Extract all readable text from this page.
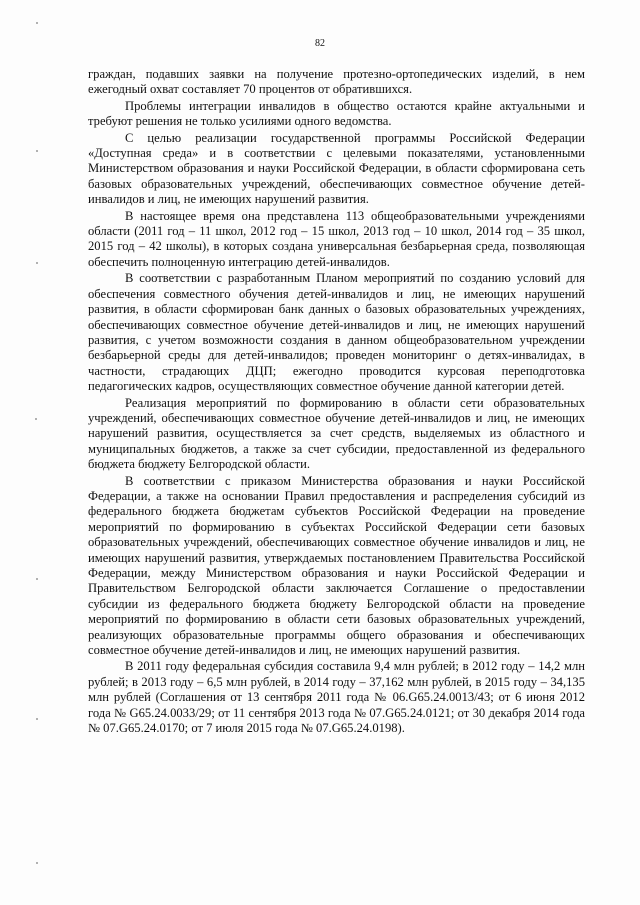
82

граждан, подавших заявки на получение протезно-ортопедических изделий, в нем ежегодный охват составляет 70 процентов от обратившихся.

Проблемы интеграции инвалидов в общество остаются крайне актуальными и требуют решения не только усилиями одного ведомства.

С целью реализации государственной программы Российской Федерации «Доступная среда» и в соответствии с целевыми показателями, установленными Министерством образования и науки Российской Федерации, в области сформирована сеть базовых образовательных учреждений, обеспечивающих совместное обучение детей-инвалидов и лиц, не имеющих нарушений развития.

В настоящее время она представлена 113 общеобразовательными учреждениями области (2011 год – 11 школ, 2012 год – 15 школ, 2013 год – 10 школ, 2014 год – 35 школ, 2015 год – 42 школы), в которых создана универсальная безбарьерная среда, позволяющая обеспечить полноценную интеграцию детей-инвалидов.

В соответствии с разработанным Планом мероприятий по созданию условий для обеспечения совместного обучения детей-инвалидов и лиц, не имеющих нарушений развития, в области сформирован банк данных о базовых образовательных учреждениях, обеспечивающих совместное обучение детей-инвалидов и лиц, не имеющих нарушений развития, с учетом возможности создания в данном общеобразовательном учреждении безбарьерной среды для детей-инвалидов; проведен мониторинг о детях-инвалидах, в частности, страдающих ДЦП; ежегодно проводится курсовая переподготовка педагогических кадров, осуществляющих совместное обучение данной категории детей.

Реализация мероприятий по формированию в области сети образовательных учреждений, обеспечивающих совместное обучение детей-инвалидов и лиц, не имеющих нарушений развития, осуществляется за счет средств, выделяемых из областного и муниципальных бюджетов, а также за счет субсидии, предоставленной из федерального бюджета бюджету Белгородской области.

В соответствии с приказом Министерства образования и науки Российской Федерации, а также на основании Правил предоставления и распределения субсидий из федерального бюджета бюджетам субъектов Российской Федерации на проведение мероприятий по формированию в субъектах Российской Федерации сети базовых образовательных учреждений, обеспечивающих совместное обучение инвалидов и лиц, не имеющих нарушений развития, утверждаемых постановлением Правительства Российской Федерации, между Министерством образования и науки Российской Федерации и Правительством Белгородской области заключается Соглашение о предоставлении субсидии из федерального бюджета бюджету Белгородской области на проведение мероприятий по формированию в области сети базовых образовательных учреждений, реализующих образовательные программы общего образования и обеспечивающих совместное обучение детей-инвалидов и лиц, не имеющих нарушений развития.

В 2011 году федеральная субсидия составила 9,4 млн рублей; в 2012 году – 14,2 млн рублей; в 2013 году – 6,5 млн рублей, в 2014 году – 37,162 млн рублей, в 2015 году – 34,135 млн рублей (Соглашения от 13 сентября 2011 года № 06.G65.24.0013/43; от 6 июня 2012 года № G65.24.0033/29; от 11 сентября 2013 года № 07.G65.24.0121; от 30 декабря 2014 года № 07.G65.24.0170; от 7 июля 2015 года № 07.G65.24.0198).
